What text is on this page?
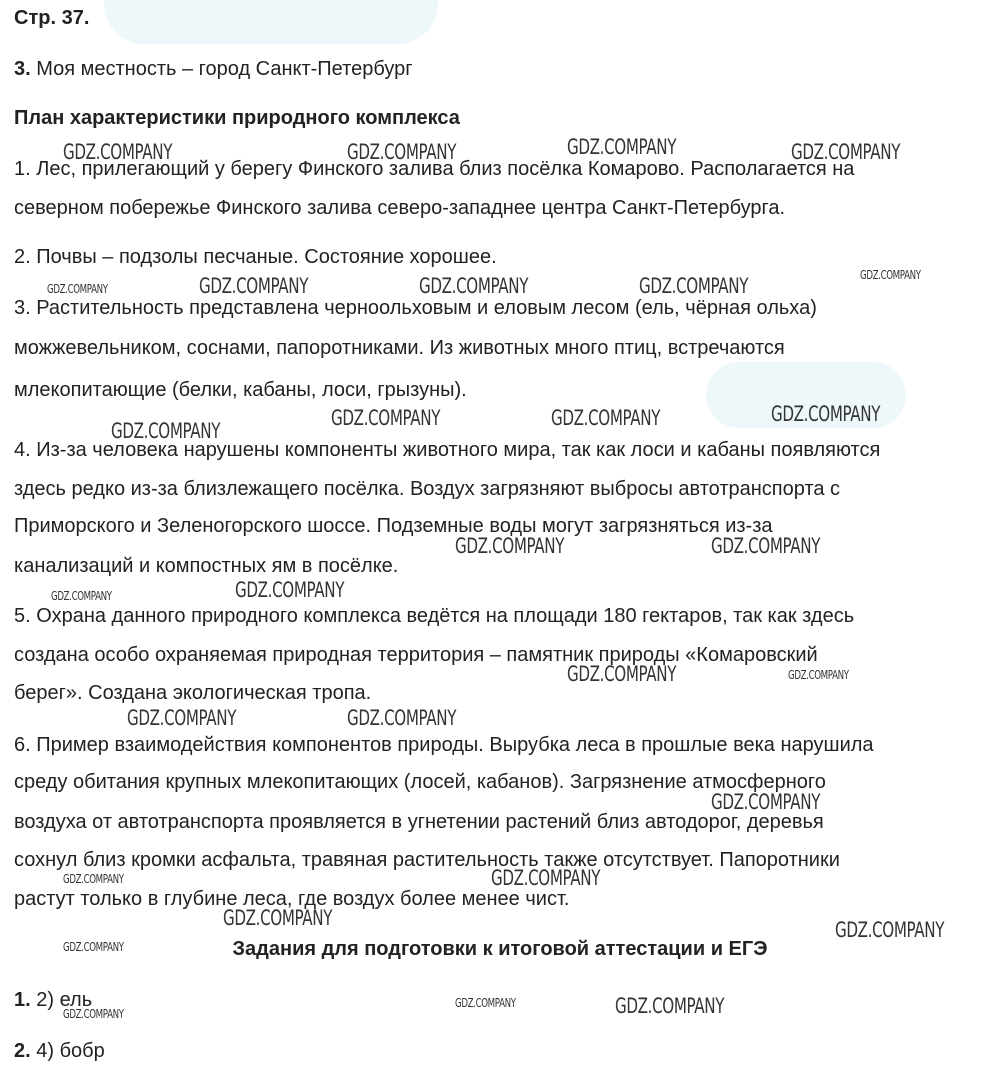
Стр. 37.
3. Моя местность – город Санкт-Петербург
План характеристики природного комплекса
1. Лес, прилегающий у берегу Финского залива близ посёлка Комарово. Располагается на
северном побережье Финского залива северо-западнее центра Санкт-Петербурга.
2. Почвы – подзолы песчаные. Состояние хорошее.
3. Растительность представлена черноольховым и еловым лесом (ель, чёрная ольха)
можжевельником, соснами, папоротниками. Из животных много птиц, встречаются
млекопитающие (белки, кабаны, лоси, грызуны).
4. Из-за человека нарушены компоненты животного мира, так как лоси и кабаны появляются
здесь редко из-за близлежащего посёлка. Воздух загрязняют выбросы автотранспорта с
Приморского и Зеленогорского шоссе. Подземные воды могут загрязняться из-за
канализаций и компостных ям в посёлке.
5. Охрана данного природного комплекса ведётся на площади 180 гектаров, так как здесь
создана особо охраняемая природная территория – памятник природы «Комаровский
берег». Создана экологическая тропа.
6. Пример взаимодействия компонентов природы. Вырубка леса в прошлые века нарушила
среду обитания крупных млекопитающих (лосей, кабанов). Загрязнение атмосферного
воздуха от автотранспорта проявляется в угнетении растений близ автодорог, деревья
сохнул близ кромки асфальта, травяная растительность также отсутствует. Папоротники
растут только в глубине леса, где воздух более менее чист.
Задания для подготовки к итоговой аттестации и ЕГЭ
1. 2) ель
2. 4) бобр
GDZ.COMPANY	GDZ.COMPANY	GDZ.COMPANY	GDZ.COMPANY
GDZ.COMPANY	GDZ.COMPANY	GDZ.COMPANY	GDZ.COMPANY	GDZ.COMPANY
GDZ.COMPANY	GDZ.COMPANY	GDZ.COMPANY
GDZ.COMPANY
GDZ.COMPANY	GDZ.COMPANY
GDZ.COMPANY	GDZ.COMPANY
GDZ.COMPANY	GDZ.COMPANY
GDZ.COMPANY	GDZ.COMPANY
GDZ.COMPANY
GDZ.COMPANY	GDZ.COMPANY
GDZ.COMPANY
GDZ.COMPANY
GDZ.COMPANY
GDZ.COMPANY	GDZ.COMPANY
GDZ.COMPANY
